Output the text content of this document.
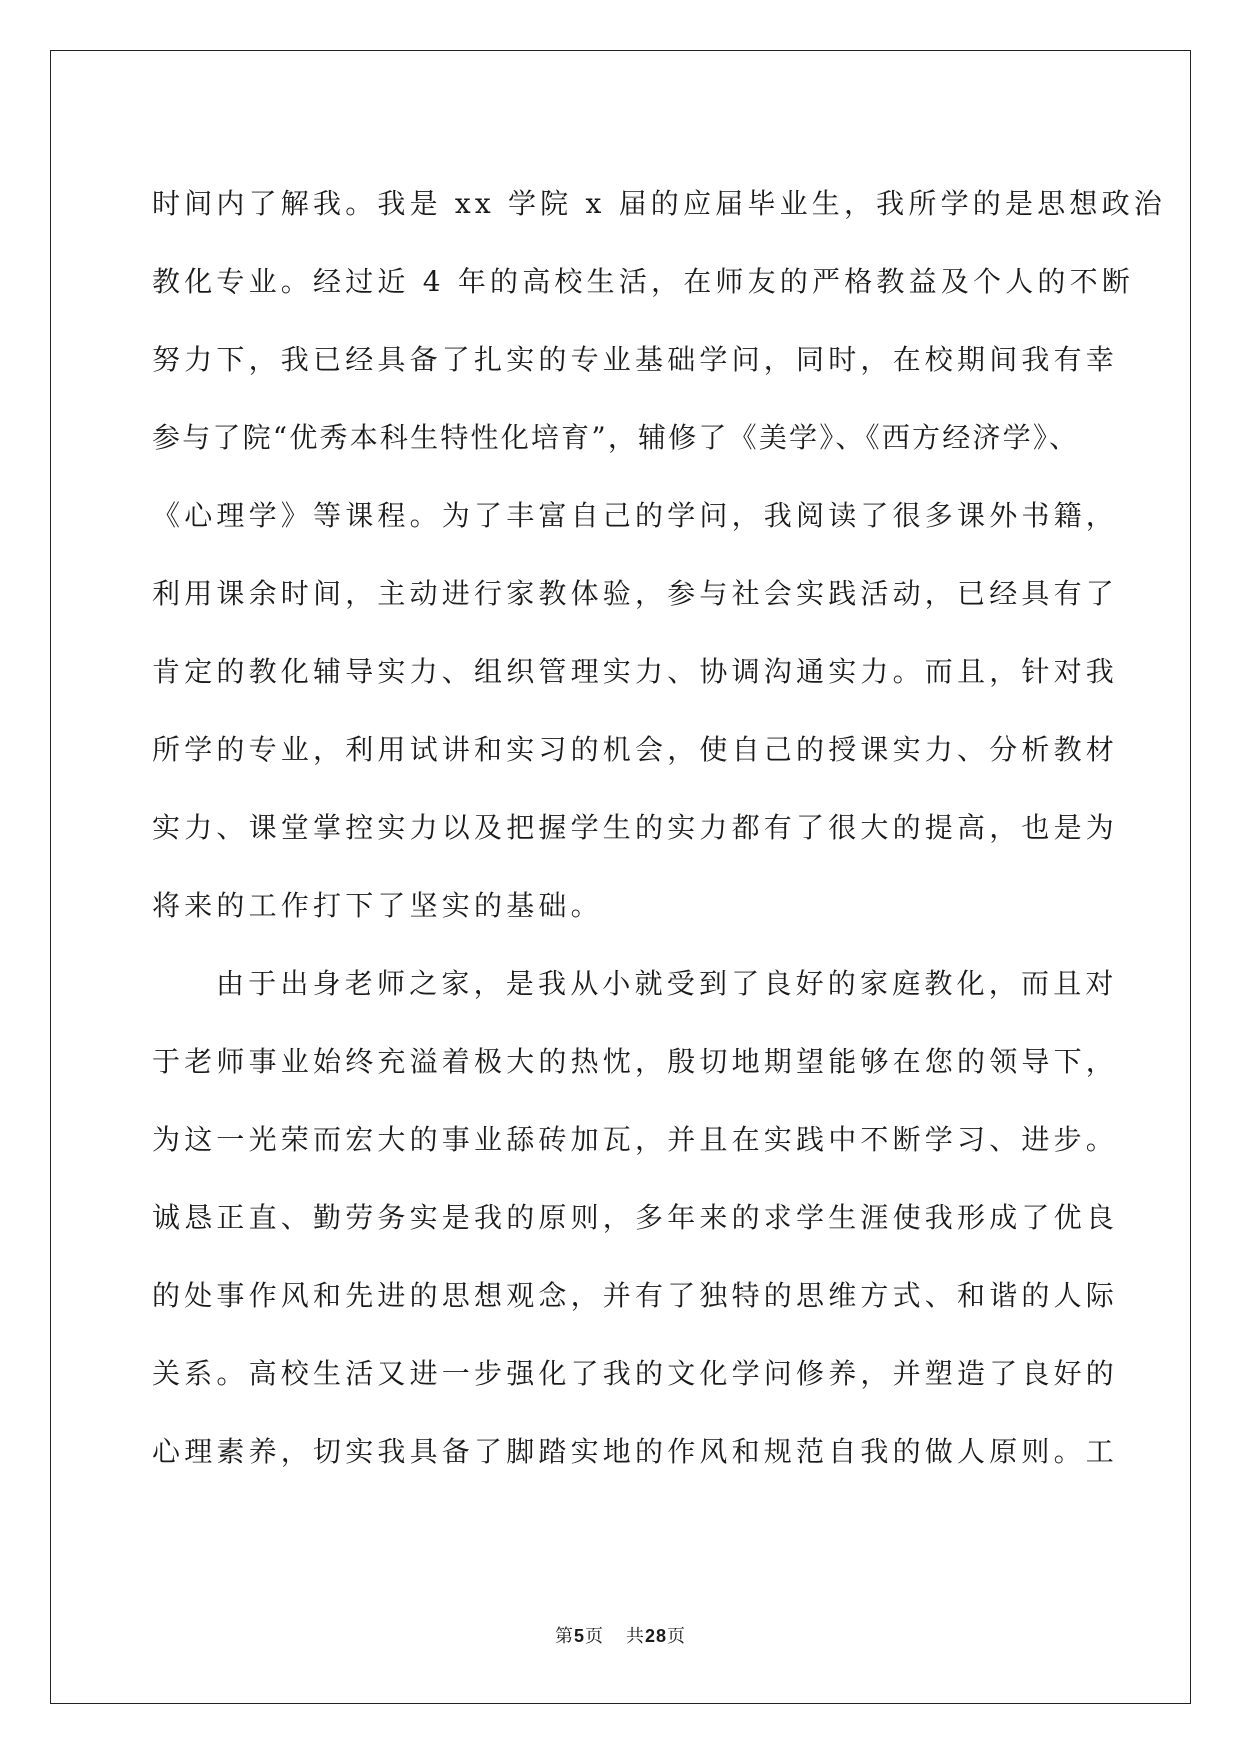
时间内了解我。我是 xx 学院 x 届的应届毕业生，我所学的是思想政治
教化专业。经过近 4 年的高校生活，在师友的严格教益及个人的不断
努力下，我已经具备了扎实的专业基础学问，同时，在校期间我有幸
参与了院“优秀本科生特性化培育”，辅修了《美学》、《西方经济学》、
《心理学》等课程。为了丰富自己的学问，我阅读了很多课外书籍，
利用课余时间，主动进行家教体验，参与社会实践活动，已经具有了
肯定的教化辅导实力、组织管理实力、协调沟通实力。而且，针对我
所学的专业，利用试讲和实习的机会，使自己的授课实力、分析教材
实力、课堂掌控实力以及把握学生的实力都有了很大的提高，也是为
将来的工作打下了坚实的基础。
由于出身老师之家，是我从小就受到了良好的家庭教化，而且对
于老师事业始终充溢着极大的热忱，殷切地期望能够在您的领导下，
为这一光荣而宏大的事业舔砖加瓦，并且在实践中不断学习、进步。
诚恳正直、勤劳务实是我的原则，多年来的求学生涯使我形成了优良
的处事作风和先进的思想观念，并有了独特的思维方式、和谐的人际
关系。高校生活又进一步强化了我的文化学问修养，并塑造了良好的
心理素养，切实我具备了脚踏实地的作风和规范自我的做人原则。工
第5页 共28页
